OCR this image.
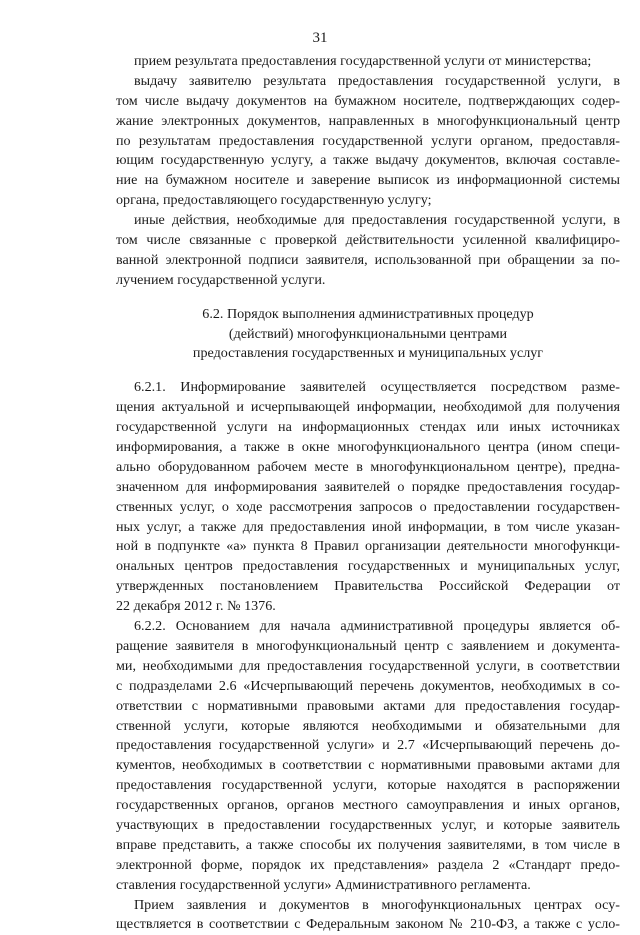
31
прием результата предоставления государственной услуги от министерства;
выдачу заявителю результата предоставления государственной услуги, в
том числе выдачу документов на бумажном носителе, подтверждающих содер-
жание электронных документов, направленных в многофункциональный центр
по результатам предоставления государственной услуги органом, предоставля-
ющим государственную услугу, а также выдачу документов, включая составле-
ние на бумажном носителе и заверение выписок из информационной системы
органа, предоставляющего государственную услугу;
иные действия, необходимые для предоставления государственной услуги, в
том числе связанные с проверкой действительности усиленной квалифициро-
ванной электронной подписи заявителя, использованной при обращении за по-
лучением государственной услуги.
6.2. Порядок выполнения административных процедур
(действий) многофункциональными центрами
предоставления государственных и муниципальных услуг
6.2.1. Информирование заявителей осуществляется посредством разме-
щения актуальной и исчерпывающей информации, необходимой для получения
государственной услуги на информационных стендах или иных источниках
информирования, а также в окне многофункционального центра (ином специ-
ально оборудованном рабочем месте в многофункциональном центре), предна-
значенном для информирования заявителей о порядке предоставления государ-
ственных услуг, о ходе рассмотрения запросов о предоставлении государствен-
ных услуг, а также для предоставления иной информации, в том числе указан-
ной в подпункте «а» пункта 8 Правил организации деятельности многофункци-
ональных центров предоставления государственных и муниципальных услуг,
утвержденных постановлением Правительства Российской Федерации от
22 декабря 2012 г. № 1376.
6.2.2. Основанием для начала административной процедуры является об-
ращение заявителя в многофункциональный центр с заявлением и документа-
ми, необходимыми для предоставления государственной услуги, в соответствии
с подразделами 2.6 «Исчерпывающий перечень документов, необходимых в со-
ответствии с нормативными правовыми актами для предоставления государ-
ственной услуги, которые являются необходимыми и обязательными для
предоставления государственной услуги» и 2.7 «Исчерпывающий перечень до-
кументов, необходимых в соответствии с нормативными правовыми актами для
предоставления государственной услуги, которые находятся в распоряжении
государственных органов, органов местного самоуправления и иных органов,
участвующих в предоставлении государственных услуг, и которые заявитель
вправе представить, а также способы их получения заявителями, в том числе в
электронной форме, порядок их представления» раздела 2 «Стандарт предо-
ставления государственной услуги» Административного регламента.
Прием заявления и документов в многофункциональных центрах осу-
ществляется в соответствии с Федеральным законом № 210-ФЗ, а также с усло-
